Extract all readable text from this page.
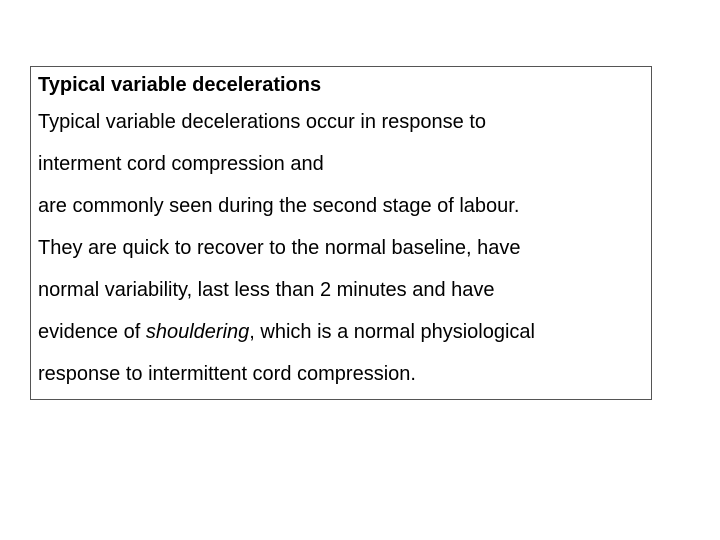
Typical variable decelerations
Typical variable decelerations occur in response to
interment cord compression and
are commonly seen during the second stage of labour.
They are quick to recover to the normal baseline, have
normal variability, last less than 2 minutes and have
evidence of shouldering, which is a normal physiological
response to intermittent cord compression.
